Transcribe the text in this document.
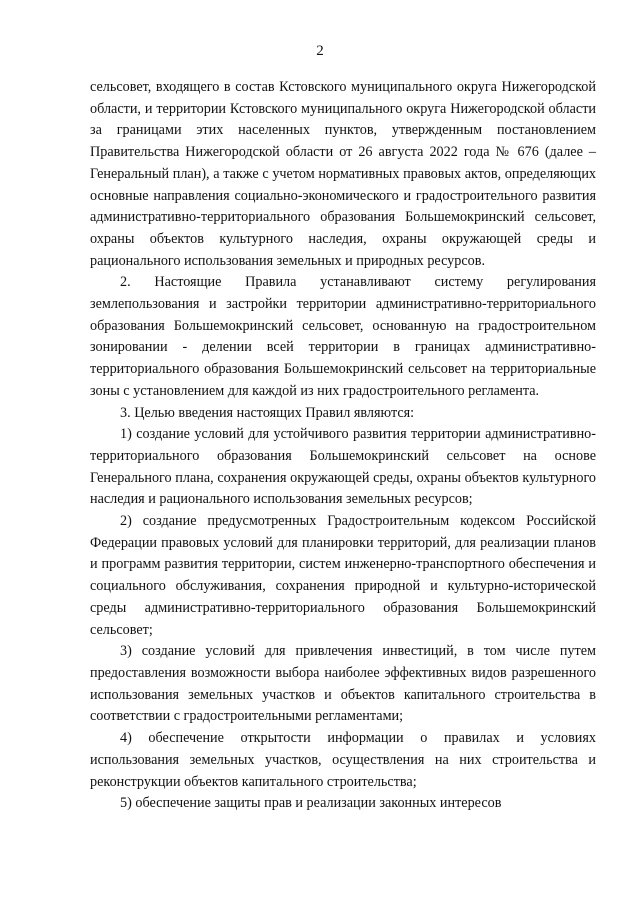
2

сельсовет, входящего в состав Кстовского муниципального округа Нижегородской области, и территории Кстовского муниципального округа Нижегородской области за границами этих населенных пунктов, утвержденным постановлением Правительства Нижегородской области от 26 августа 2022 года № 676 (далее – Генеральный план), а также с учетом нормативных правовых актов, определяющих основные направления социально-экономического и градостроительного развития административно-территориального образования Большемокринский сельсовет, охраны объектов культурного наследия, охраны окружающей среды и рационального использования земельных и природных ресурсов.

2. Настоящие Правила устанавливают систему регулирования землепользования и застройки территории административно-территориального образования Большемокринский сельсовет, основанную на градостроительном зонировании - делении всей территории в границах административно-территориального образования Большемокринский сельсовет на территориальные зоны с установлением для каждой из них градостроительного регламента.

3. Целью введения настоящих Правил являются:

1) создание условий для устойчивого развития территории административно-территориального образования Большемокринский сельсовет на основе Генерального плана, сохранения окружающей среды, охраны объектов культурного наследия и рационального использования земельных ресурсов;

2) создание предусмотренных Градостроительным кодексом Российской Федерации правовых условий для планировки территорий, для реализации планов и программ развития территории, систем инженерно-транспортного обеспечения и социального обслуживания, сохранения природной и культурно-исторической среды административно-территориального образования Большемокринский сельсовет;

3) создание условий для привлечения инвестиций, в том числе путем предоставления возможности выбора наиболее эффективных видов разрешенного использования земельных участков и объектов капитального строительства в соответствии с градостроительными регламентами;

4) обеспечение открытости информации о правилах и условиях использования земельных участков, осуществления на них строительства и реконструкции объектов капитального строительства;

5) обеспечение защиты прав и реализации законных интересов
